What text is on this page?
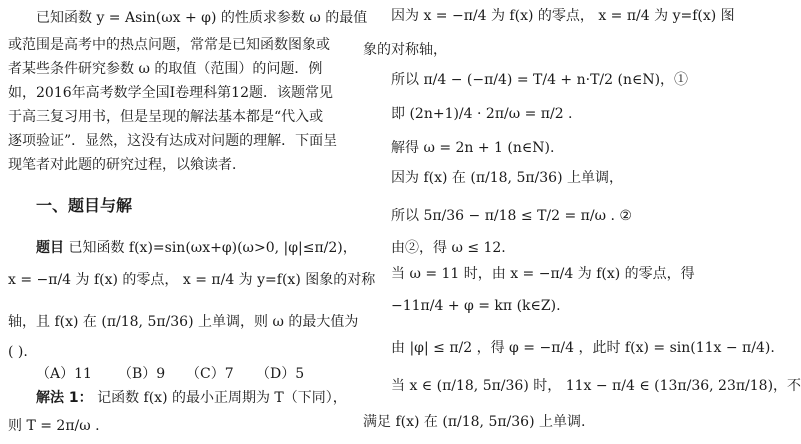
已知函数 y = Asin(ωx + φ) 的性质求参数 ω 的最值
或范围是高考中的热点问题，常常是已知函数图象或
者某些条件研究参数 ω 的取值（范围）的问题．例
如，2016年高考数学全国Ⅰ卷理科第12题．该题常见
于高三复习用书，但是呈现的解法基本都是“代入或
逐项验证”．显然，这没有达成对问题的理解．下面呈
现笔者对此题的研究过程，以飨读者．
一、题目与解
题目 已知函数 f(x)=sin(ωx+φ)(ω>0, |φ|≤π/2)，
x = −π/4 为 f(x) 的零点， x = π/4 为 y=f(x) 图象的对称
轴，且 f(x) 在 (π/18, 5π/36) 上单调，则 ω 的最大值为
( ).
（A）11 （B）9 （C）7 （D）5
解法 1： 记函数 f(x) 的最小正周期为 T（下同），
则 T = 2π/ω .
因为 x = −π/4 为 f(x) 的零点， x = π/4 为 y=f(x) 图
象的对称轴，
所以 π/4 − (−π/4) = T/4 + n·T/2 (n∈N)，①
即 (2n+1)/4 · 2π/ω = π/2 .
解得 ω = 2n + 1 (n∈N).
因为 f(x) 在 (π/18, 5π/36) 上单调，
所以 5π/36 − π/18 ≤ T/2 = π/ω . ②
由②，得 ω ≤ 12.
当 ω = 11 时，由 x = −π/4 为 f(x) 的零点，得
−11π/4 + φ = kπ (k∈Z).
由 |φ| ≤ π/2 ，得 φ = −π/4 ，此时 f(x) = sin(11x − π/4).
当 x ∈ (π/18, 5π/36) 时， 11x − π/4 ∈ (13π/36, 23π/18)，不
满足 f(x) 在 (π/18, 5π/36) 上单调.
